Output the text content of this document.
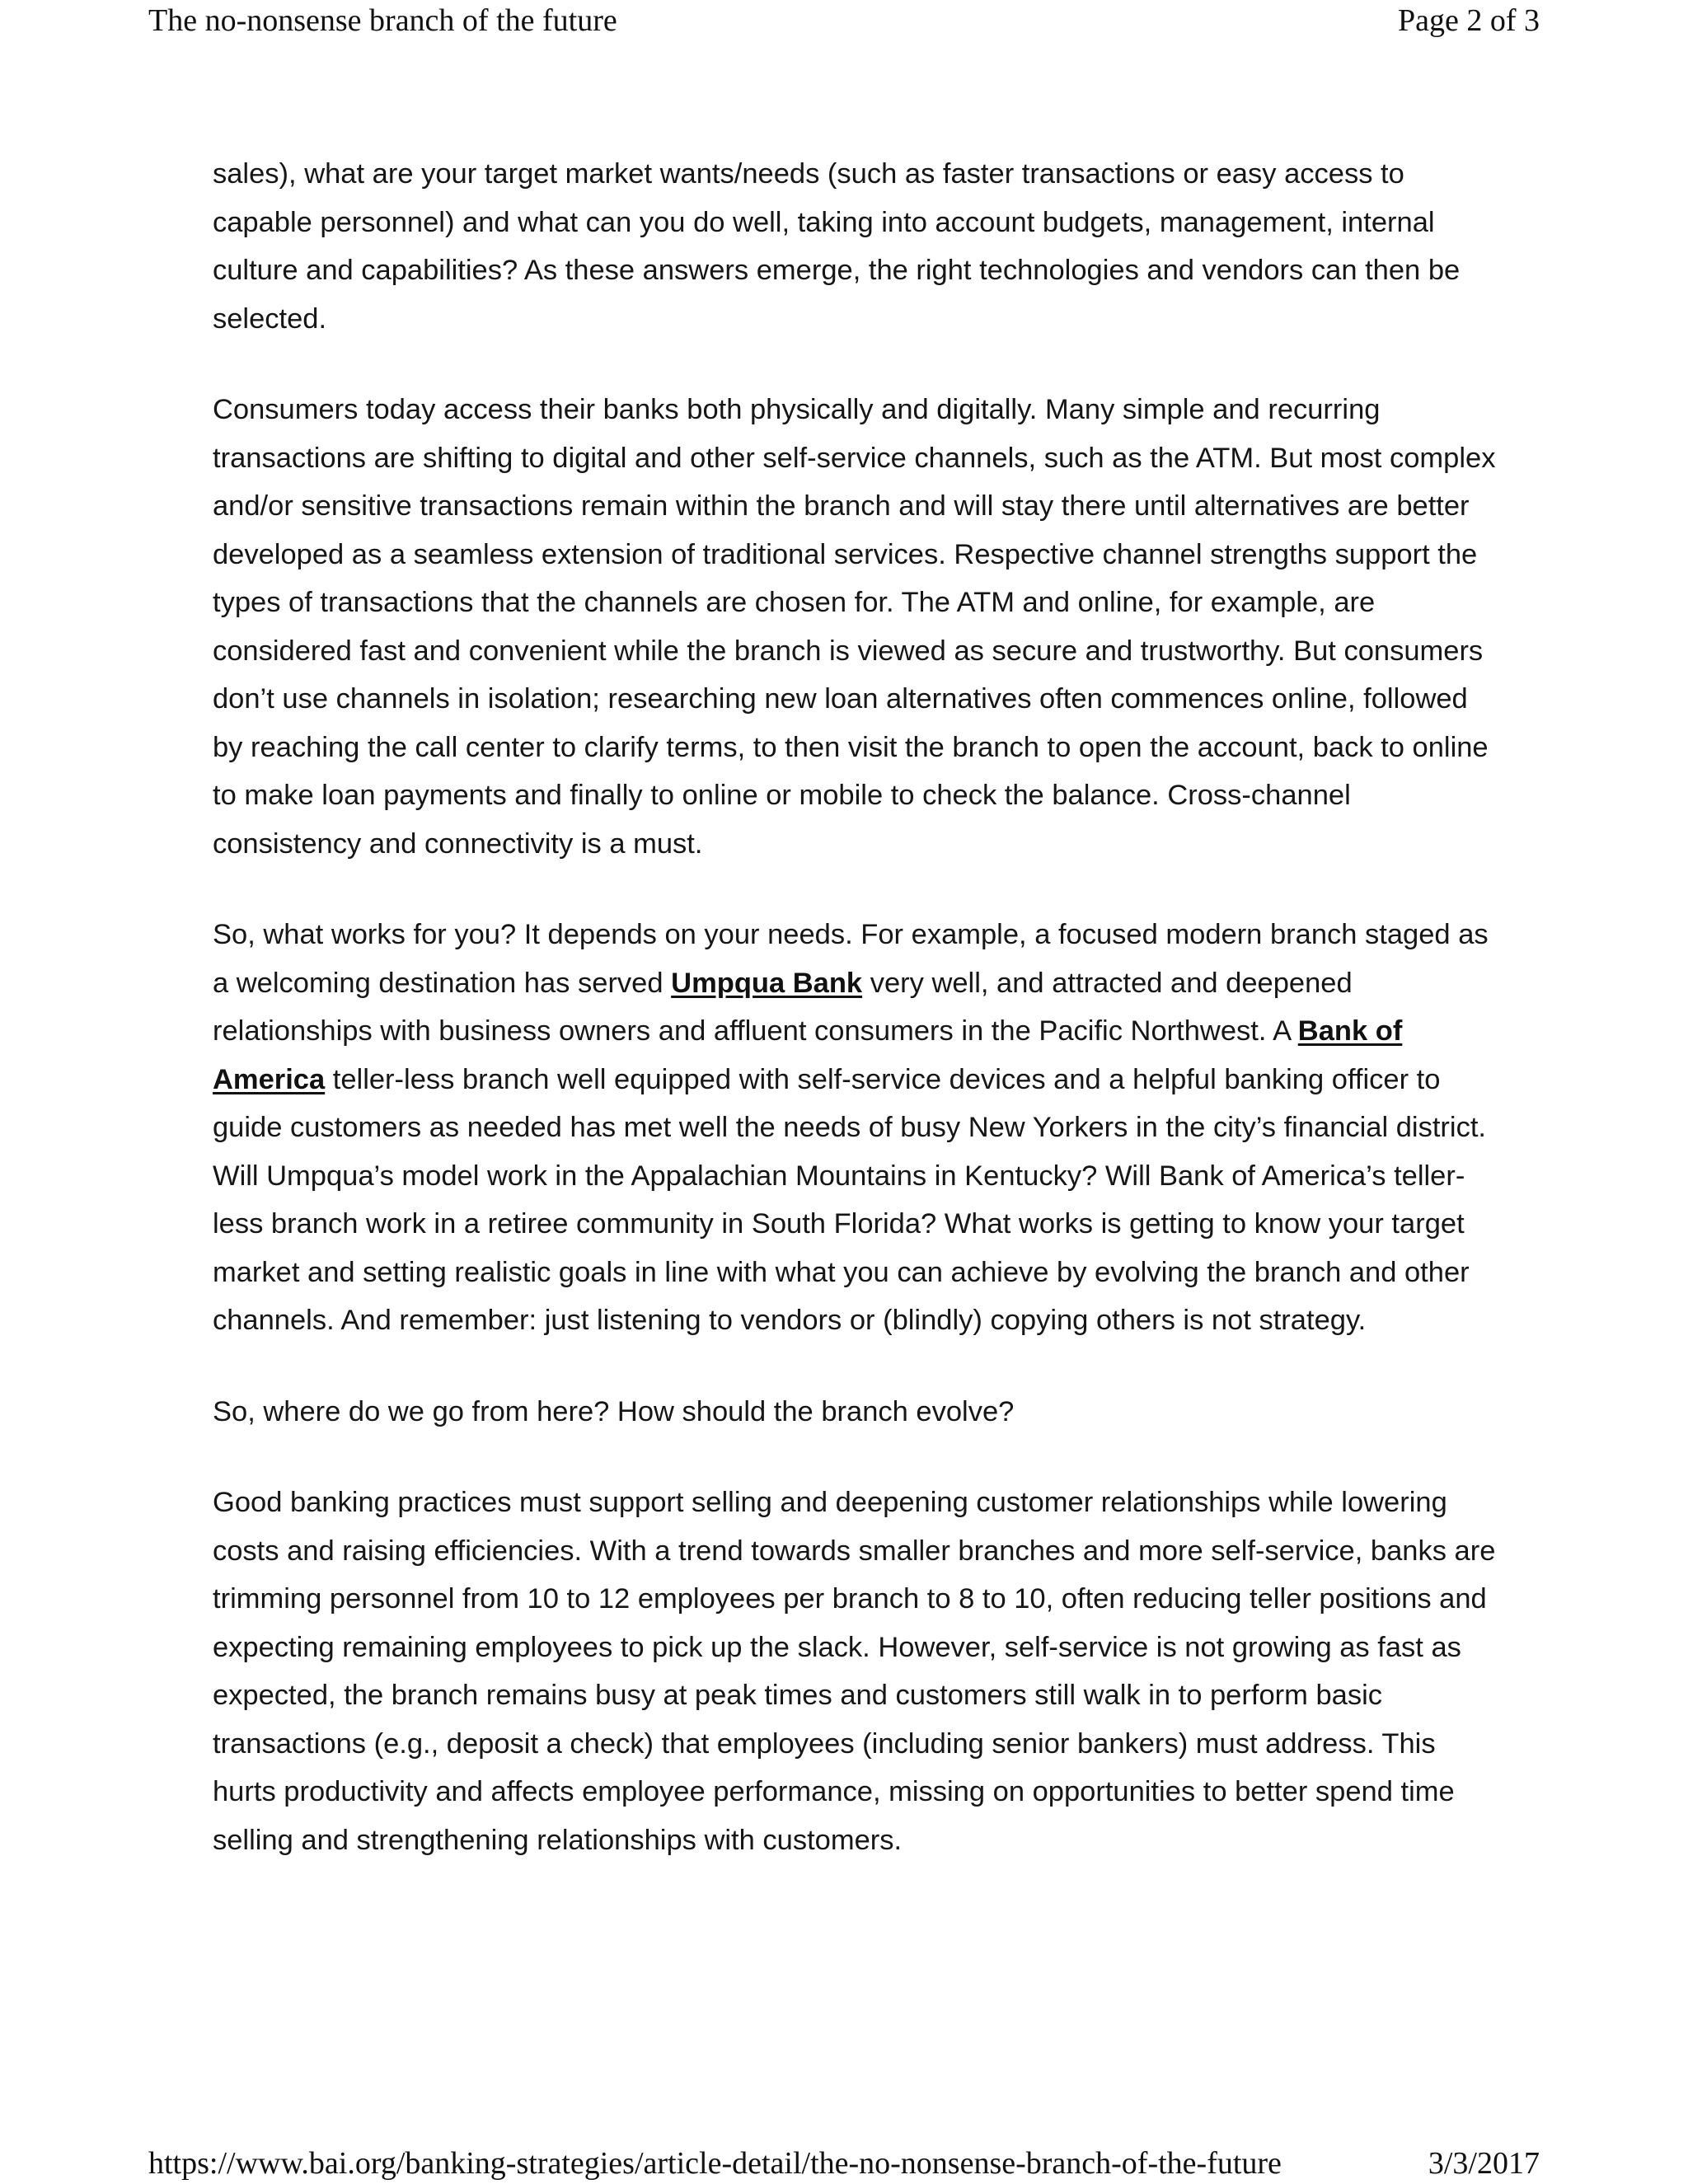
The no-nonsense branch of the future	Page 2 of 3

sales), what are your target market wants/needs (such as faster transactions or easy access to capable personnel) and what can you do well, taking into account budgets, management, internal culture and capabilities? As these answers emerge, the right technologies and vendors can then be selected.

Consumers today access their banks both physically and digitally. Many simple and recurring transactions are shifting to digital and other self-service channels, such as the ATM. But most complex and/or sensitive transactions remain within the branch and will stay there until alternatives are better developed as a seamless extension of traditional services. Respective channel strengths support the types of transactions that the channels are chosen for. The ATM and online, for example, are considered fast and convenient while the branch is viewed as secure and trustworthy. But consumers don’t use channels in isolation; researching new loan alternatives often commences online, followed by reaching the call center to clarify terms, to then visit the branch to open the account, back to online to make loan payments and finally to online or mobile to check the balance. Cross-channel consistency and connectivity is a must.

So, what works for you? It depends on your needs. For example, a focused modern branch staged as a welcoming destination has served Umpqua Bank very well, and attracted and deepened relationships with business owners and affluent consumers in the Pacific Northwest. A Bank of America teller-less branch well equipped with self-service devices and a helpful banking officer to guide customers as needed has met well the needs of busy New Yorkers in the city’s financial district. Will Umpqua’s model work in the Appalachian Mountains in Kentucky? Will Bank of America’s teller-less branch work in a retiree community in South Florida? What works is getting to know your target market and setting realistic goals in line with what you can achieve by evolving the branch and other channels. And remember: just listening to vendors or (blindly) copying others is not strategy.

So, where do we go from here? How should the branch evolve?

Good banking practices must support selling and deepening customer relationships while lowering costs and raising efficiencies. With a trend towards smaller branches and more self-service, banks are trimming personnel from 10 to 12 employees per branch to 8 to 10, often reducing teller positions and expecting remaining employees to pick up the slack. However, self-service is not growing as fast as expected, the branch remains busy at peak times and customers still walk in to perform basic transactions (e.g., deposit a check) that employees (including senior bankers) must address. This hurts productivity and affects employee performance, missing on opportunities to better spend time selling and strengthening relationships with customers.

https://www.bai.org/banking-strategies/article-detail/the-no-nonsense-branch-of-the-future	3/3/2017
